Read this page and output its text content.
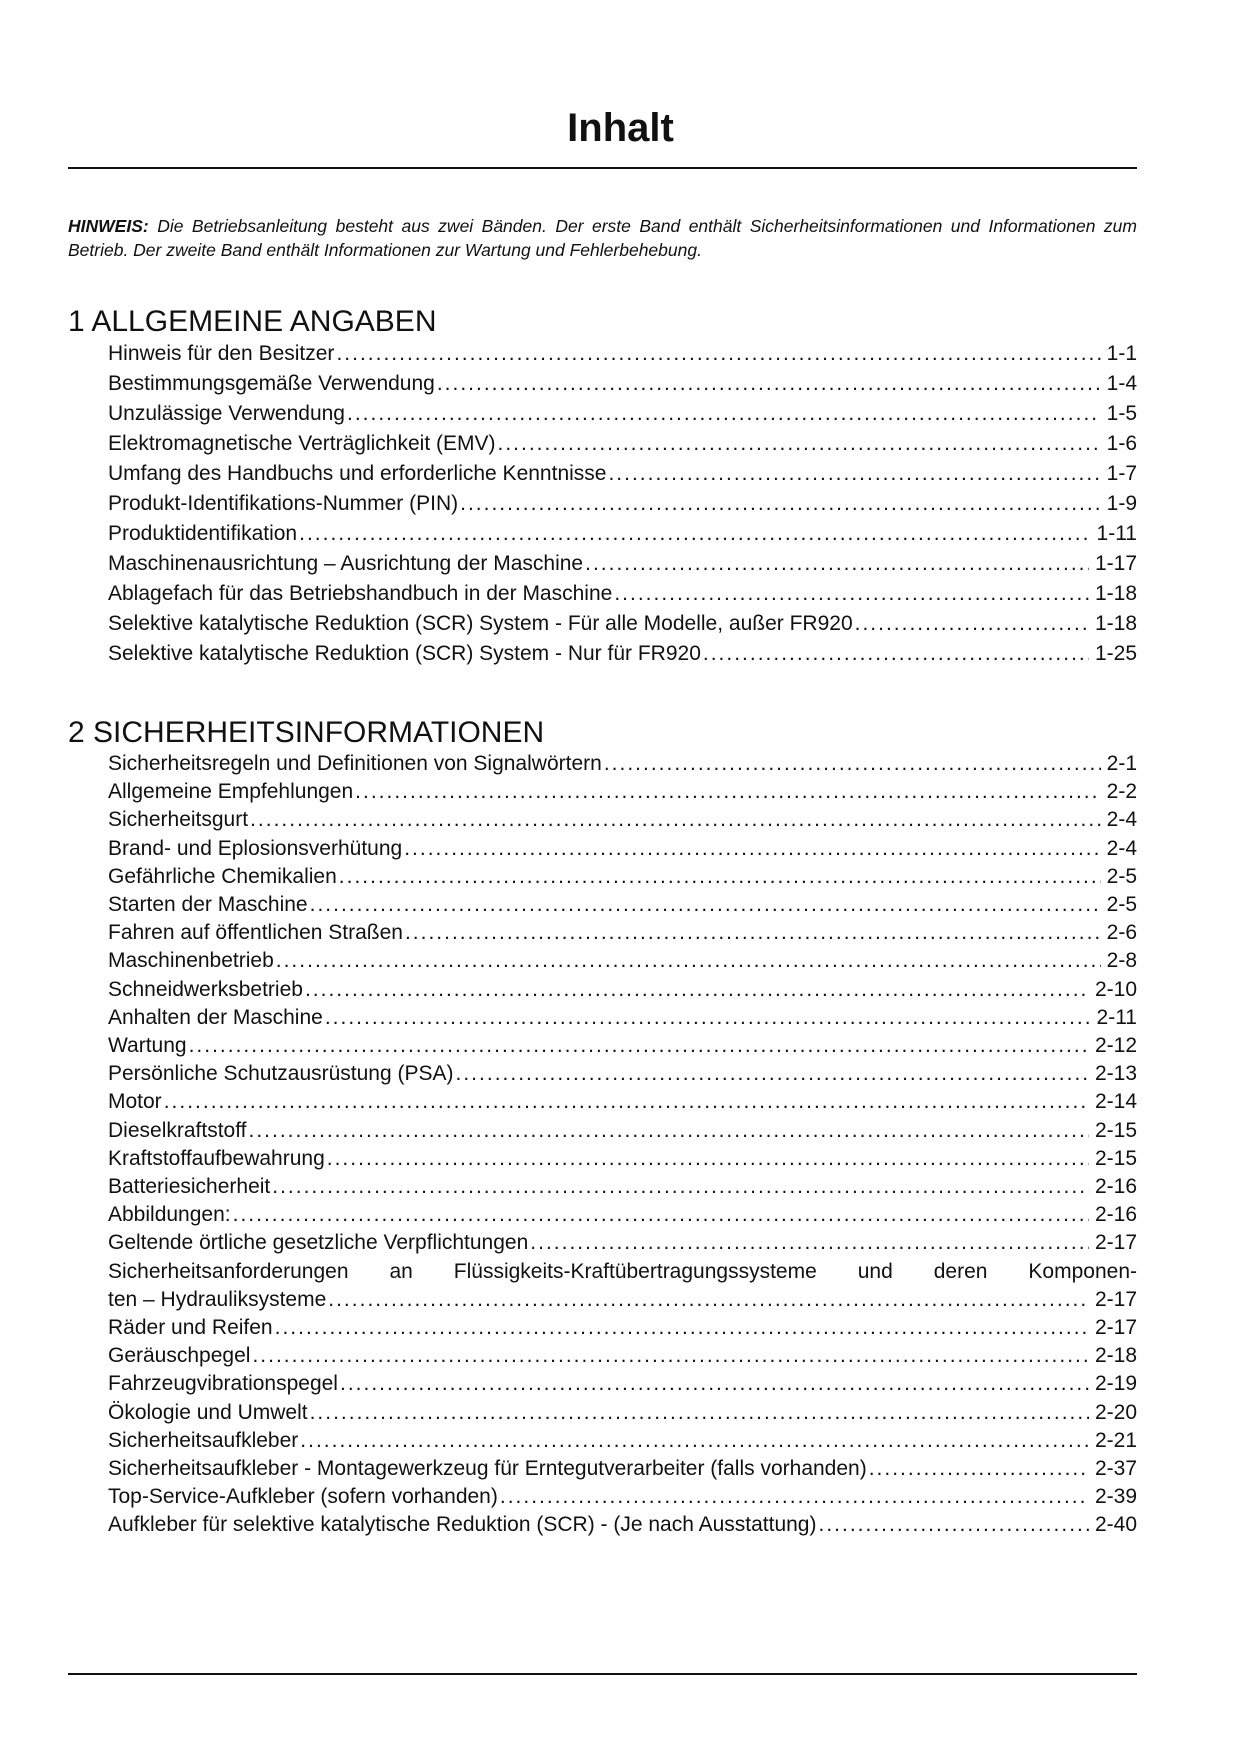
Inhalt
HINWEIS: Die Betriebsanleitung besteht aus zwei Bänden. Der erste Band enthält Sicherheitsinformationen und Informationen zum Betrieb. Der zweite Band enthält Informationen zur Wartung und Fehlerbehebung.
1 ALLGEMEINE ANGABEN
Hinweis für den Besitzer .....	1-1
Bestimmungsgemäße Verwendung .....	1-4
Unzulässige Verwendung .....	1-5
Elektromagnetische Verträglichkeit (EMV) .....	1-6
Umfang des Handbuchs und erforderliche Kenntnisse .....	1-7
Produkt-Identifikations-Nummer (PIN) .....	1-9
Produktidentifikation .....	1-11
Maschinenausrichtung – Ausrichtung der Maschine .....	1-17
Ablagefach für das Betriebshandbuch in der Maschine .....	1-18
Selektive katalytische Reduktion (SCR) System - Für alle Modelle, außer FR920 .....	1-18
Selektive katalytische Reduktion (SCR) System - Nur für FR920 .....	1-25
2 SICHERHEITSINFORMATIONEN
Sicherheitsregeln und Definitionen von Signalwörtern .....	2-1
Allgemeine Empfehlungen .....	2-2
Sicherheitsgurt .....	2-4
Brand- und Eplosionsverhütung .....	2-4
Gefährliche Chemikalien .....	2-5
Starten der Maschine .....	2-5
Fahren auf öffentlichen Straßen .....	2-6
Maschinenbetrieb .....	2-8
Schneidwerksbetrieb .....	2-10
Anhalten der Maschine .....	2-11
Wartung .....	2-12
Persönliche Schutzausrüstung (PSA) .....	2-13
Motor .....	2-14
Dieselkraftstoff .....	2-15
Kraftstoffaufbewahrung .....	2-15
Batteriesicherheit .....	2-16
Abbildungen: .....	2-16
Geltende örtliche gesetzliche Verpflichtungen .....	2-17
Sicherheitsanforderungen an Flüssigkeits-Kraftübertragungssysteme und deren Komponen-
ten – Hydrauliksysteme .....	2-17
Räder und Reifen .....	2-17
Geräuschpegel .....	2-18
Fahrzeugvibrationspegel .....	2-19
Ökologie und Umwelt .....	2-20
Sicherheitsaufkleber .....	2-21
Sicherheitsaufkleber - Montagewerkzeug für Erntegutverarbeiter (falls vorhanden) .....	2-37
Top-Service-Aufkleber (sofern vorhanden) .....	2-39
Aufkleber für selektive katalytische Reduktion (SCR) - (Je nach Ausstattung) .....	2-40
